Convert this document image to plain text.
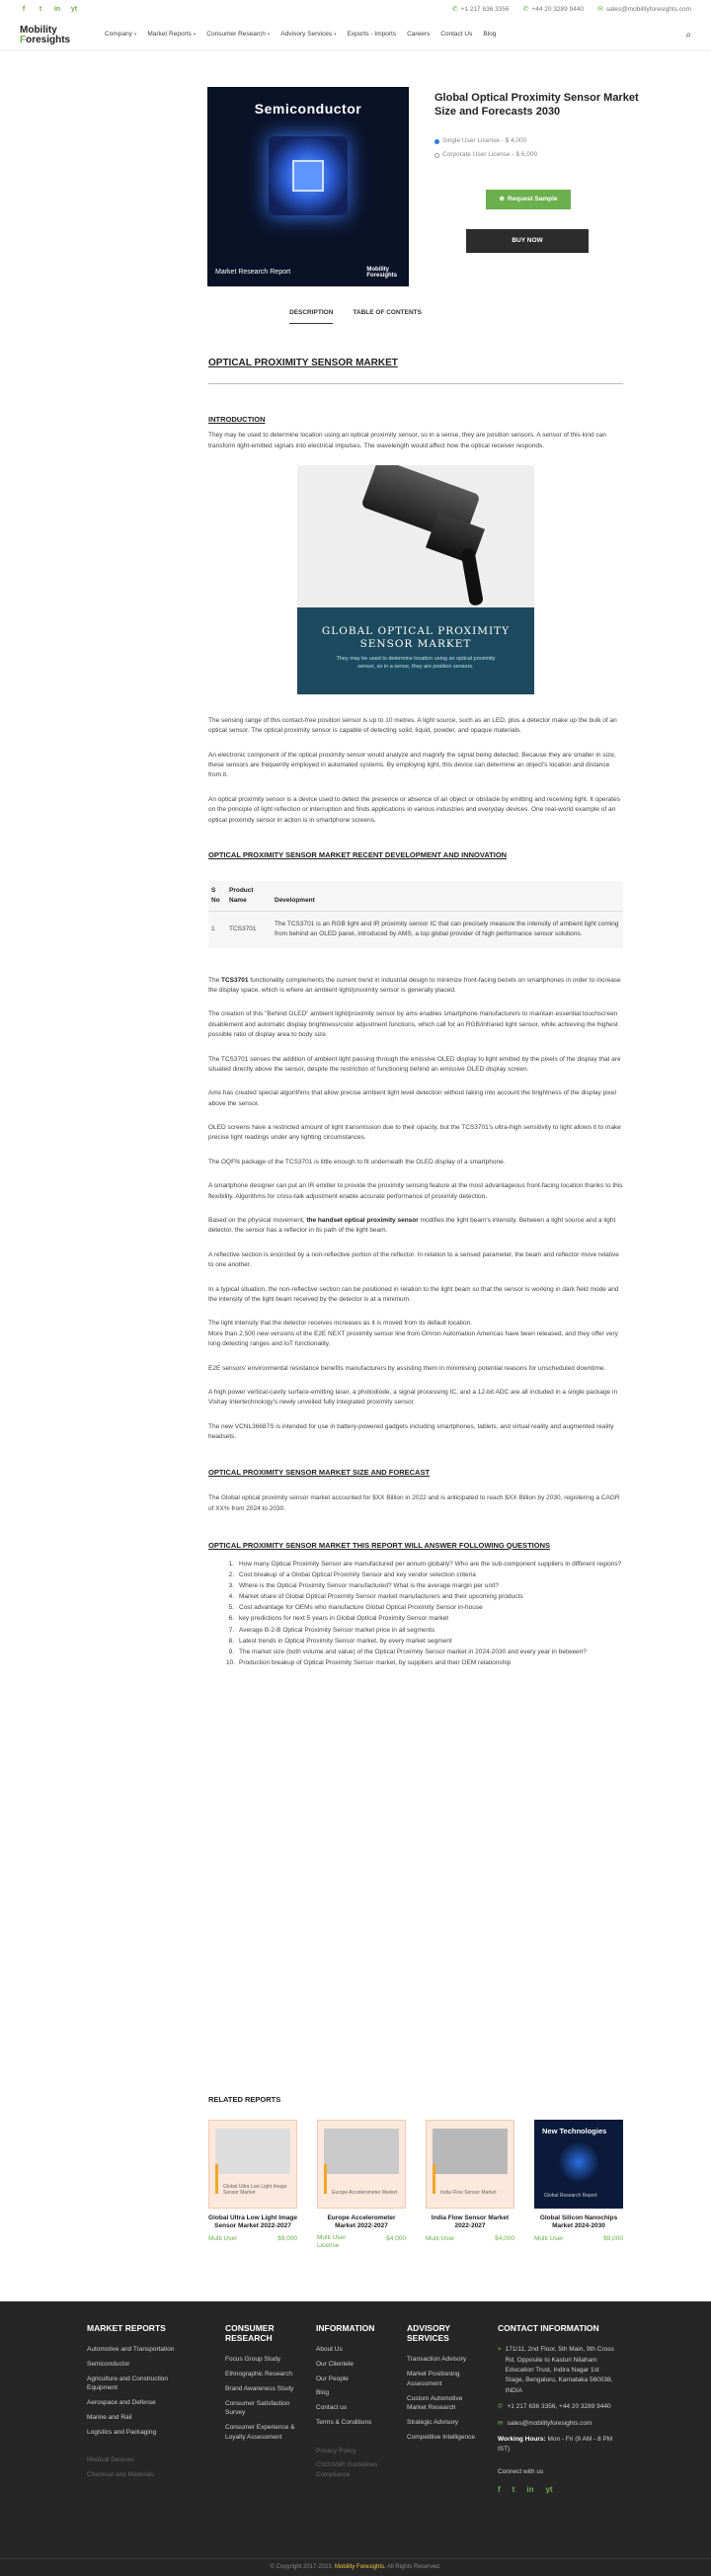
f	t	in yt	✆ +1 217 636 3356 ✆ +44 20 3289 9440 ✉ sales@mobilityforesights.com
Mobility
Foresights	Company ▾ Market Reports ▾ Consumer Research ▾ Advisory Services ▾ Exports - Imports Careers Contact Us Blog	⌕
Semiconductor
Market Research Report	Mobility
Foresights
Global Optical Proximity Sensor Market Size and Forecasts 2030
Single User License - $ 4,000
Corporate User License - $ 6,000
⊕ Request Sample
BUY NOW
DESCRIPTION	TABLE OF CONTENTS
OPTICAL PROXIMITY SENSOR MARKET
INTRODUCTION

They may be used to determine location using an optical proximity sensor, so in a sense, they are position sensors. A sensor of this kind can transform light-emitted signals into electrical impulses. The wavelength would affect how the optical receiver responds.

GLOBAL OPTICAL PROXIMITY SENSOR MARKET
They may be used to determine location using an optical proximity sensor, so in a sense, they are position sensors.

The sensing range of this contact-free position sensor is up to 10 metres. A light source, such as an LED, plus a detector make up the bulk of an optical sensor. The optical proximity sensor is capable of detecting solid, liquid, powder, and opaque materials.

An electronic component of the optical proximity sensor would analyze and magnify the signal being detected. Because they are smaller in size, these sensors are frequently employed in automated systems. By employing light, this device can determine an object's location and distance from it.

An optical proximity sensor is a device used to detect the presence or absence of an object or obstacle by emitting and receiving light. It operates on the principle of light reflection or interruption and finds applications in various industries and everyday devices. One real-world example of an optical proximity sensor in action is in smartphone screens.

OPTICAL PROXIMITY SENSOR MARKET RECENT DEVELOPMENT AND INNOVATION
S No	Product Name	Development
1	TCS3701	The TCS3701 is an RGB light and IR proximity sensor IC that can precisely measure the intensity of ambient light coming from behind an OLED panel, introduced by AMS, a top global provider of high performance sensor solutions.

The TCS3701 functionality complements the current trend in industrial design to minimize front-facing bezels on smartphones in order to increase the display space, which is where an ambient light/proximity sensor is generally placed.

The creation of this "Behind OLED" ambient light/proximity sensor by ams enables smartphone manufacturers to maintain essential touchscreen disablement and automatic display brightness/color adjustment functions, which call for an RGB/infrared light sensor, while achieving the highest possible ratio of display area to body size.

The TCS3701 senses the addition of ambient light passing through the emissive OLED display to light emitted by the pixels of the display that are situated directly above the sensor, despite the restriction of functioning behind an emissive OLED display screen.

Ams has created special algorithms that allow precise ambient light level detection without taking into account the brightness of the display pixel above the sensor.

OLED screens have a restricted amount of light transmission due to their opacity, but the TCS3701's ultra-high sensitivity to light allows it to make precise light readings under any lighting circumstances.

The OQFN package of the TCS3701 is little enough to fit underneath the OLED display of a smartphone.

A smartphone designer can put an IR emitter to provide the proximity sensing feature at the most advantageous front-facing location thanks to this flexibility. Algorithms for cross-talk adjustment enable accurate performance of proximity detection.

Based on the physical movement, the handset optical proximity sensor modifies the light beam's intensity. Between a light source and a light detector, the sensor has a reflector in its path of the light beam.

A reflective section is encircled by a non-reflective portion of the reflector. In relation to a sensed parameter, the beam and reflector move relative to one another.

In a typical situation, the non-reflective section can be positioned in relation to the light beam so that the sensor is working in dark field mode and the intensity of the light beam received by the detector is at a minimum.

The light intensity that the detector receives increases as it is moved from its default location.
More than 2,500 new versions of the E2E NEXT proximity sensor line from Omron Automation Americas have been released, and they offer very long detecting ranges and IoT functionality.

E2E sensors' environmental resistance benefits manufacturers by assisting them in minimising potential reasons for unscheduled downtime.

A high power vertical-cavity surface-emitting laser, a photodiode, a signal processing IC, and a 12-bit ADC are all included in a single package in Vishay Intertechnology's newly unveiled fully integrated proximity sensor.

The new VCNL36687S is intended for use in battery-powered gadgets including smartphones, tablets, and virtual reality and augmented reality headsets.

OPTICAL PROXIMITY SENSOR MARKET SIZE AND FORECAST

The Global optical proximity sensor market accounted for $XX Billion in 2022 and is anticipated to reach $XX Billion by 2030, registering a CAGR of XX% from 2024 to 2030.

OPTICAL PROXIMITY SENSOR MARKET THIS REPORT WILL ANSWER FOLLOWING QUESTIONS
1. How many Optical Proximity Sensor are manufactured per annum globally? Who are the sub-component suppliers in different regions?
2. Cost breakup of a Global Optical Proximity Sensor and key vendor selection criteria
3. Where is the Optical Proximity Sensor manufactured? What is the average margin per unit?
4. Market share of Global Optical Proximity Sensor market manufacturers and their upcoming products
5. Cost advantage for OEMs who manufacture Global Optical Proximity Sensor in-house
6. key predictions for next 5 years in Global Optical Proximity Sensor market
7. Average B-2-B Optical Proximity Sensor market price in all segments
8. Latest trends in Optical Proximity Sensor market, by every market segment
9. The market size (both volume and value) of the Optical Proximity Sensor market in 2024-2030 and every year in between?
10. Production breakup of Optical Proximity Sensor market, by suppliers and their OEM relationship
RELATED REPORTS
Global Ultra Low Light Image Sensor Market
Global Ultra Low Light Image Sensor Market 2022-2027
Multi User	$9,000
Europe Accelerometer Market
Europe Accelerometer Market 2022-2027
Multi User License
$4,000
India Flow Sensor Market
India Flow Sensor Market 2022-2027
Multi User	$4,000
New Technologies
Global Research Report
Global Silicon Nanochips Market 2024-2030
Multi User	$9,000
MARKET REPORTS
Automotive and Transportation
Semiconductor
Agriculture and Construction Equipment
Aerospace and Defense
Marine and Rail
Logistics and Packaging
Medical Devices
Chemical and Materials
CONSUMER
RESEARCH
Focus Group Study
Ethnographic Research
Brand Awareness Study
Consumer Satisfaction Survey
Consumer Experience & Loyalty Assessment
INFORMATION
About Us
Our Clientele
Our People
Blog
Contact us
Terms & Conditions
Privacy Policy
CSO/ANR Guidelines Compliance
ADVISORY
SERVICES
Transaction Advisory
Market Positioning Assessment
Custom Automotive Market Research
Strategic Advisory
Competitive Intelligence
CONTACT INFORMATION
⌖ 171/11, 2nd Floor, 5th Main, 9th Cross Rd, Opposite to Kasturi Nilaham Education Trust, Indira Nagar 1st Stage, Bengaluru, Karnataka 560038, INDIA
✆ +1 217 636 3356, +44 20 3289 9440
✉ sales@mobilityforesights.com
Working Hours: Mon - Fri (9 AM - 8 PM IST)
Connect with us
f t in yt
© Copyright 2017-2023. Mobility Foresights. All Rights Reserved.
